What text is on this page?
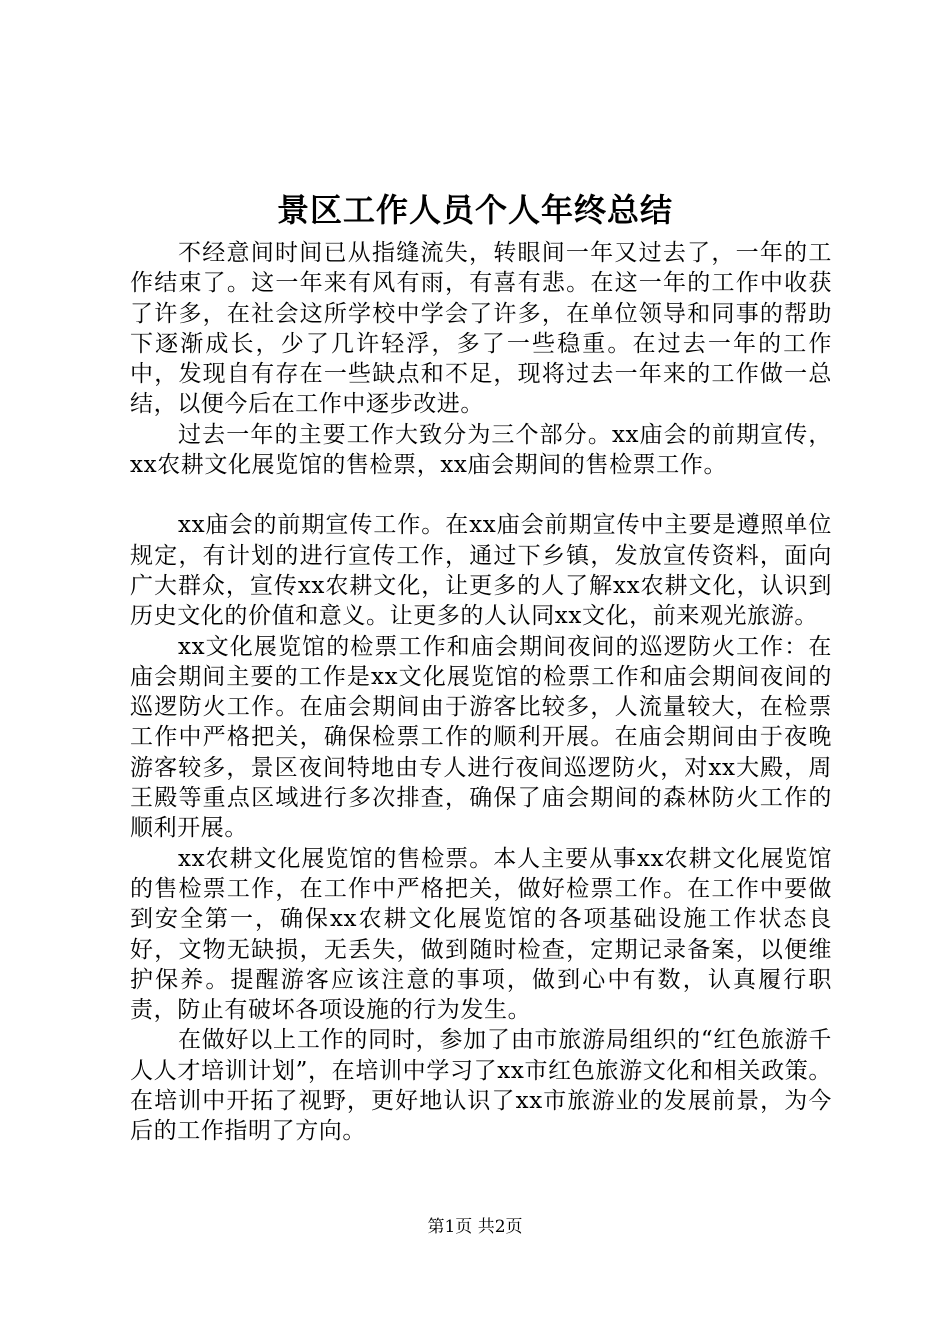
景区工作人员个人年终总结

不经意间时间已从指缝流失，转眼间一年又过去了，一年的工作结束了。这一年来有风有雨，有喜有悲。在这一年的工作中收获了许多，在社会这所学校中学会了许多，在单位领导和同事的帮助下逐渐成长，少了几许轻浮，多了一些稳重。在过去一年的工作中，发现自有存在一些缺点和不足，现将过去一年来的工作做一总结，以便今后在工作中逐步改进。

过去一年的主要工作大致分为三个部分。xx庙会的前期宣传，xx农耕文化展览馆的售检票，xx庙会期间的售检票工作。

xx庙会的前期宣传工作。在xx庙会前期宣传中主要是遵照单位规定，有计划的进行宣传工作，通过下乡镇，发放宣传资料，面向广大群众，宣传xx农耕文化，让更多的人了解xx农耕文化，认识到历史文化的价值和意义。让更多的人认同xx文化，前来观光旅游。

xx文化展览馆的检票工作和庙会期间夜间的巡逻防火工作：在庙会期间主要的工作是xx文化展览馆的检票工作和庙会期间夜间的巡逻防火工作。在庙会期间由于游客比较多，人流量较大，在检票工作中严格把关，确保检票工作的顺利开展。在庙会期间由于夜晚游客较多，景区夜间特地由专人进行夜间巡逻防火，对xx大殿，周王殿等重点区域进行多次排查，确保了庙会期间的森林防火工作的顺利开展。

xx农耕文化展览馆的售检票。本人主要从事xx农耕文化展览馆的售检票工作，在工作中严格把关，做好检票工作。在工作中要做到安全第一，确保xx农耕文化展览馆的各项基础设施工作状态良好，文物无缺损，无丢失，做到随时检查，定期记录备案，以便维护保养。提醒游客应该注意的事项，做到心中有数，认真履行职责，防止有破坏各项设施的行为发生。

在做好以上工作的同时，参加了由市旅游局组织的“红色旅游千人人才培训计划”，在培训中学习了xx市红色旅游文化和相关政策。在培训中开拓了视野，更好地认识了xx市旅游业的发展前景，为今后的工作指明了方向。

第1页 共2页
